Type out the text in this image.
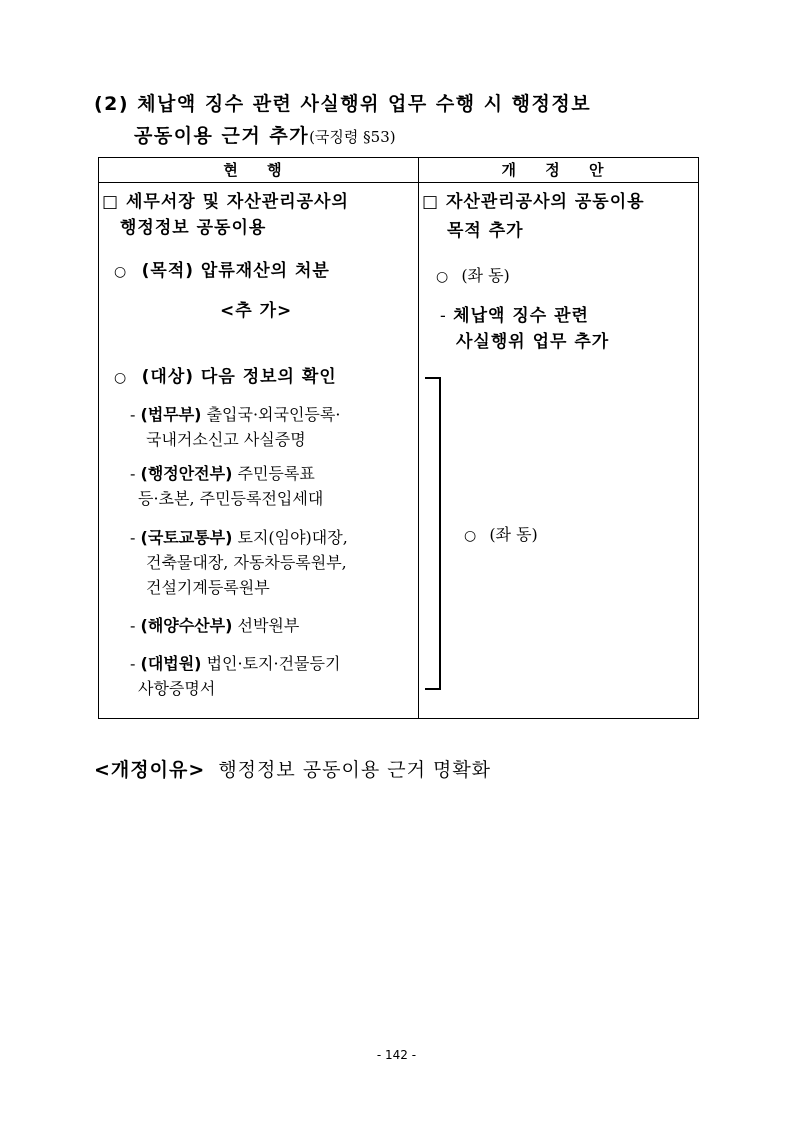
(2) 체납액 징수 관련 사실행위 업무 수행 시 행정정보
공동이용 근거 추가(국징령 §53)
현 행	개 정 안
□ 세무서장 및 자산관리공사의
행정정보 공동이용
○ (목적) 압류재산의 처분
<추 가>
○ (대상) 다음 정보의 확인
- (법무부) 출입국·외국인등록·
국내거소신고 사실증명
- (행정안전부) 주민등록표
등·초본, 주민등록전입세대
- (국토교통부) 토지(임야)대장,
건축물대장, 자동차등록원부,
건설기계등록원부
- (해양수산부) 선박원부
- (대법원) 법인·토지·건물등기
사항증명서
□ 자산관리공사의 공동이용
목적 추가
○ (좌 동)
- 체납액 징수 관련
사실행위 업무 추가
○ (좌 동)
<개정이유> 행정정보 공동이용 근거 명확화
- 142 -
